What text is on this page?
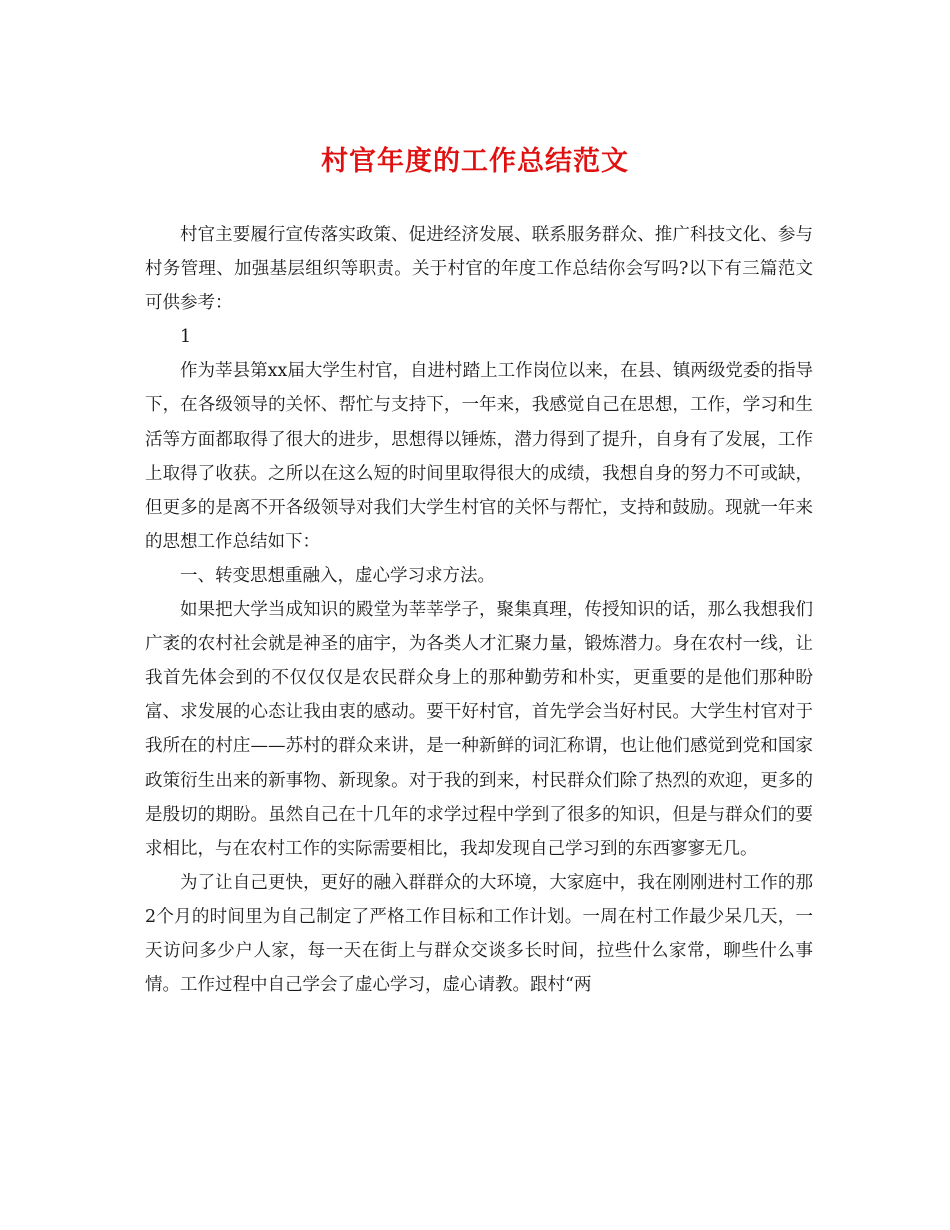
村官年度的工作总结范文

村官主要履行宣传落实政策、促进经济发展、联系服务群众、推广科技文化、参与村务管理、加强基层组织等职责。关于村官的年度工作总结你会写吗?以下有三篇范文可供参考：

1

作为莘县第xx届大学生村官，自进村踏上工作岗位以来，在县、镇两级党委的指导下，在各级领导的关怀、帮忙与支持下，一年来，我感觉自己在思想，工作，学习和生活等方面都取得了很大的进步，思想得以锤炼，潜力得到了提升，自身有了发展，工作上取得了收获。之所以在这么短的时间里取得很大的成绩，我想自身的努力不可或缺，但更多的是离不开各级领导对我们大学生村官的关怀与帮忙，支持和鼓励。现就一年来的思想工作总结如下：

一、转变思想重融入，虚心学习求方法。

如果把大学当成知识的殿堂为莘莘学子，聚集真理，传授知识的话，那么我想我们广袤的农村社会就是神圣的庙宇，为各类人才汇聚力量，锻炼潜力。身在农村一线，让我首先体会到的不仅仅仅是农民群众身上的那种勤劳和朴实，更重要的是他们那种盼富、求发展的心态让我由衷的感动。要干好村官，首先学会当好村民。大学生村官对于我所在的村庄——苏村的群众来讲，是一种新鲜的词汇称谓，也让他们感觉到党和国家政策衍生出来的新事物、新现象。对于我的到来，村民群众们除了热烈的欢迎，更多的是殷切的期盼。虽然自己在十几年的求学过程中学到了很多的知识，但是与群众们的要求相比，与在农村工作的实际需要相比，我却发现自己学习到的东西寥寥无几。

为了让自己更快，更好的融入群群众的大环境，大家庭中，我在刚刚进村工作的那2个月的时间里为自己制定了严格工作目标和工作计划。一周在村工作最少呆几天，一天访问多少户人家，每一天在街上与群众交谈多长时间，拉些什么家常，聊些什么事情。工作过程中自己学会了虚心学习，虚心请教。跟村“两
